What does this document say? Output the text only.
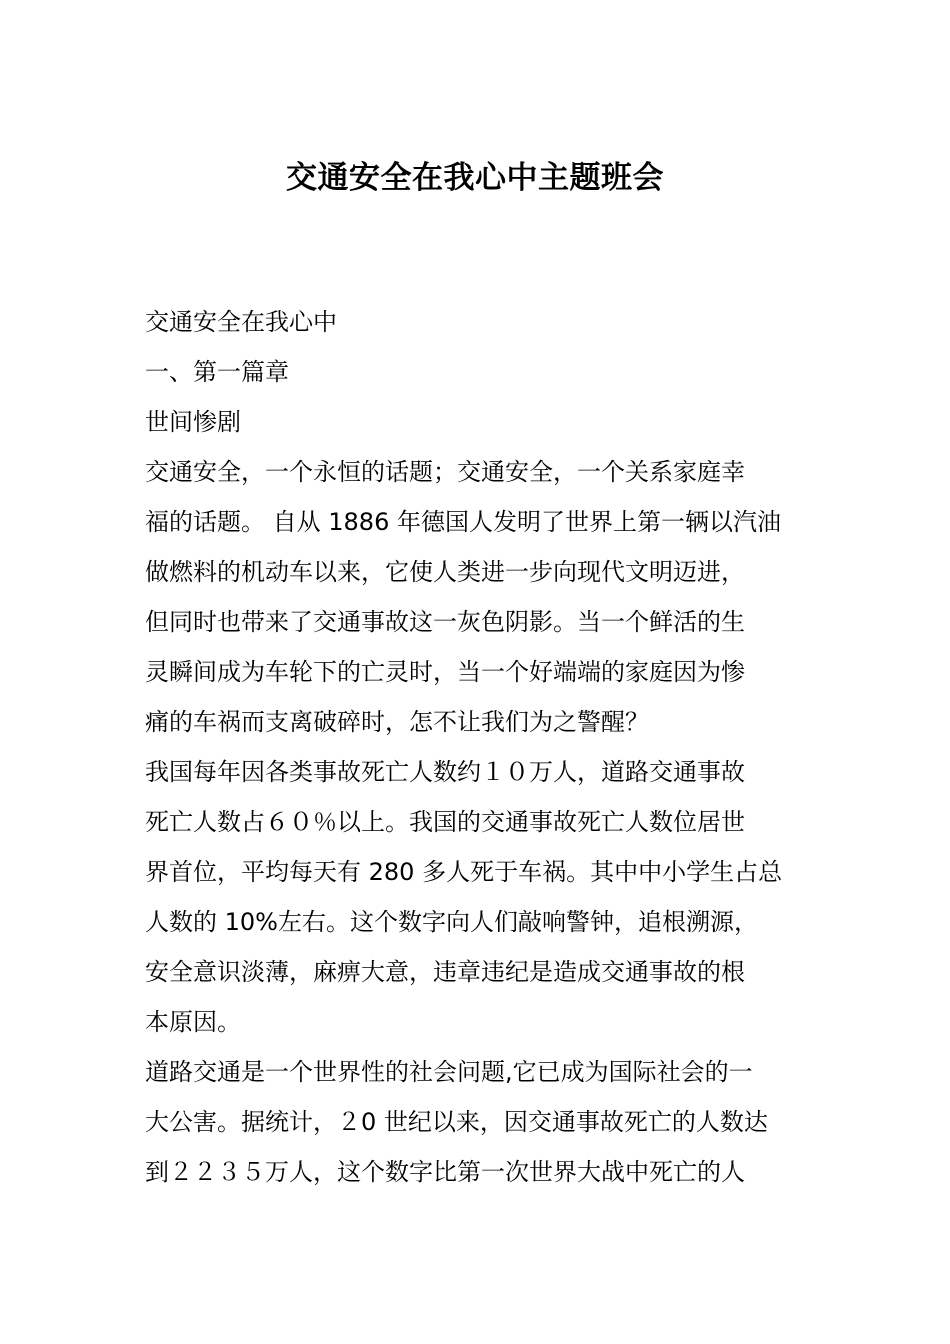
交通安全在我心中主题班会
交通安全在我心中
一、第一篇章
世间惨剧
交通安全，一个永恒的话题；交通安全，一个关系家庭幸
福的话题。 自从 1886 年德国人发明了世界上第一辆以汽油
做燃料的机动车以来，它使人类进一步向现代文明迈进，
但同时也带来了交通事故这一灰色阴影。当一个鲜活的生
灵瞬间成为车轮下的亡灵时，当一个好端端的家庭因为惨
痛的车祸而支离破碎时，怎不让我们为之警醒？
我国每年因各类事故死亡人数约１０万人，道路交通事故
死亡人数占６０％以上。我国的交通事故死亡人数位居世
界首位，平均每天有 280 多人死于车祸。其中中小学生占总
人数的 10%左右。这个数字向人们敲响警钟，追根溯源，
安全意识淡薄，麻痹大意，违章违纪是造成交通事故的根
本原因。
道路交通是一个世界性的社会问题,它已成为国际社会的一
大公害。据统计，２0 世纪以来，因交通事故死亡的人数达
到２２３５万人，这个数字比第一次世界大战中死亡的人
